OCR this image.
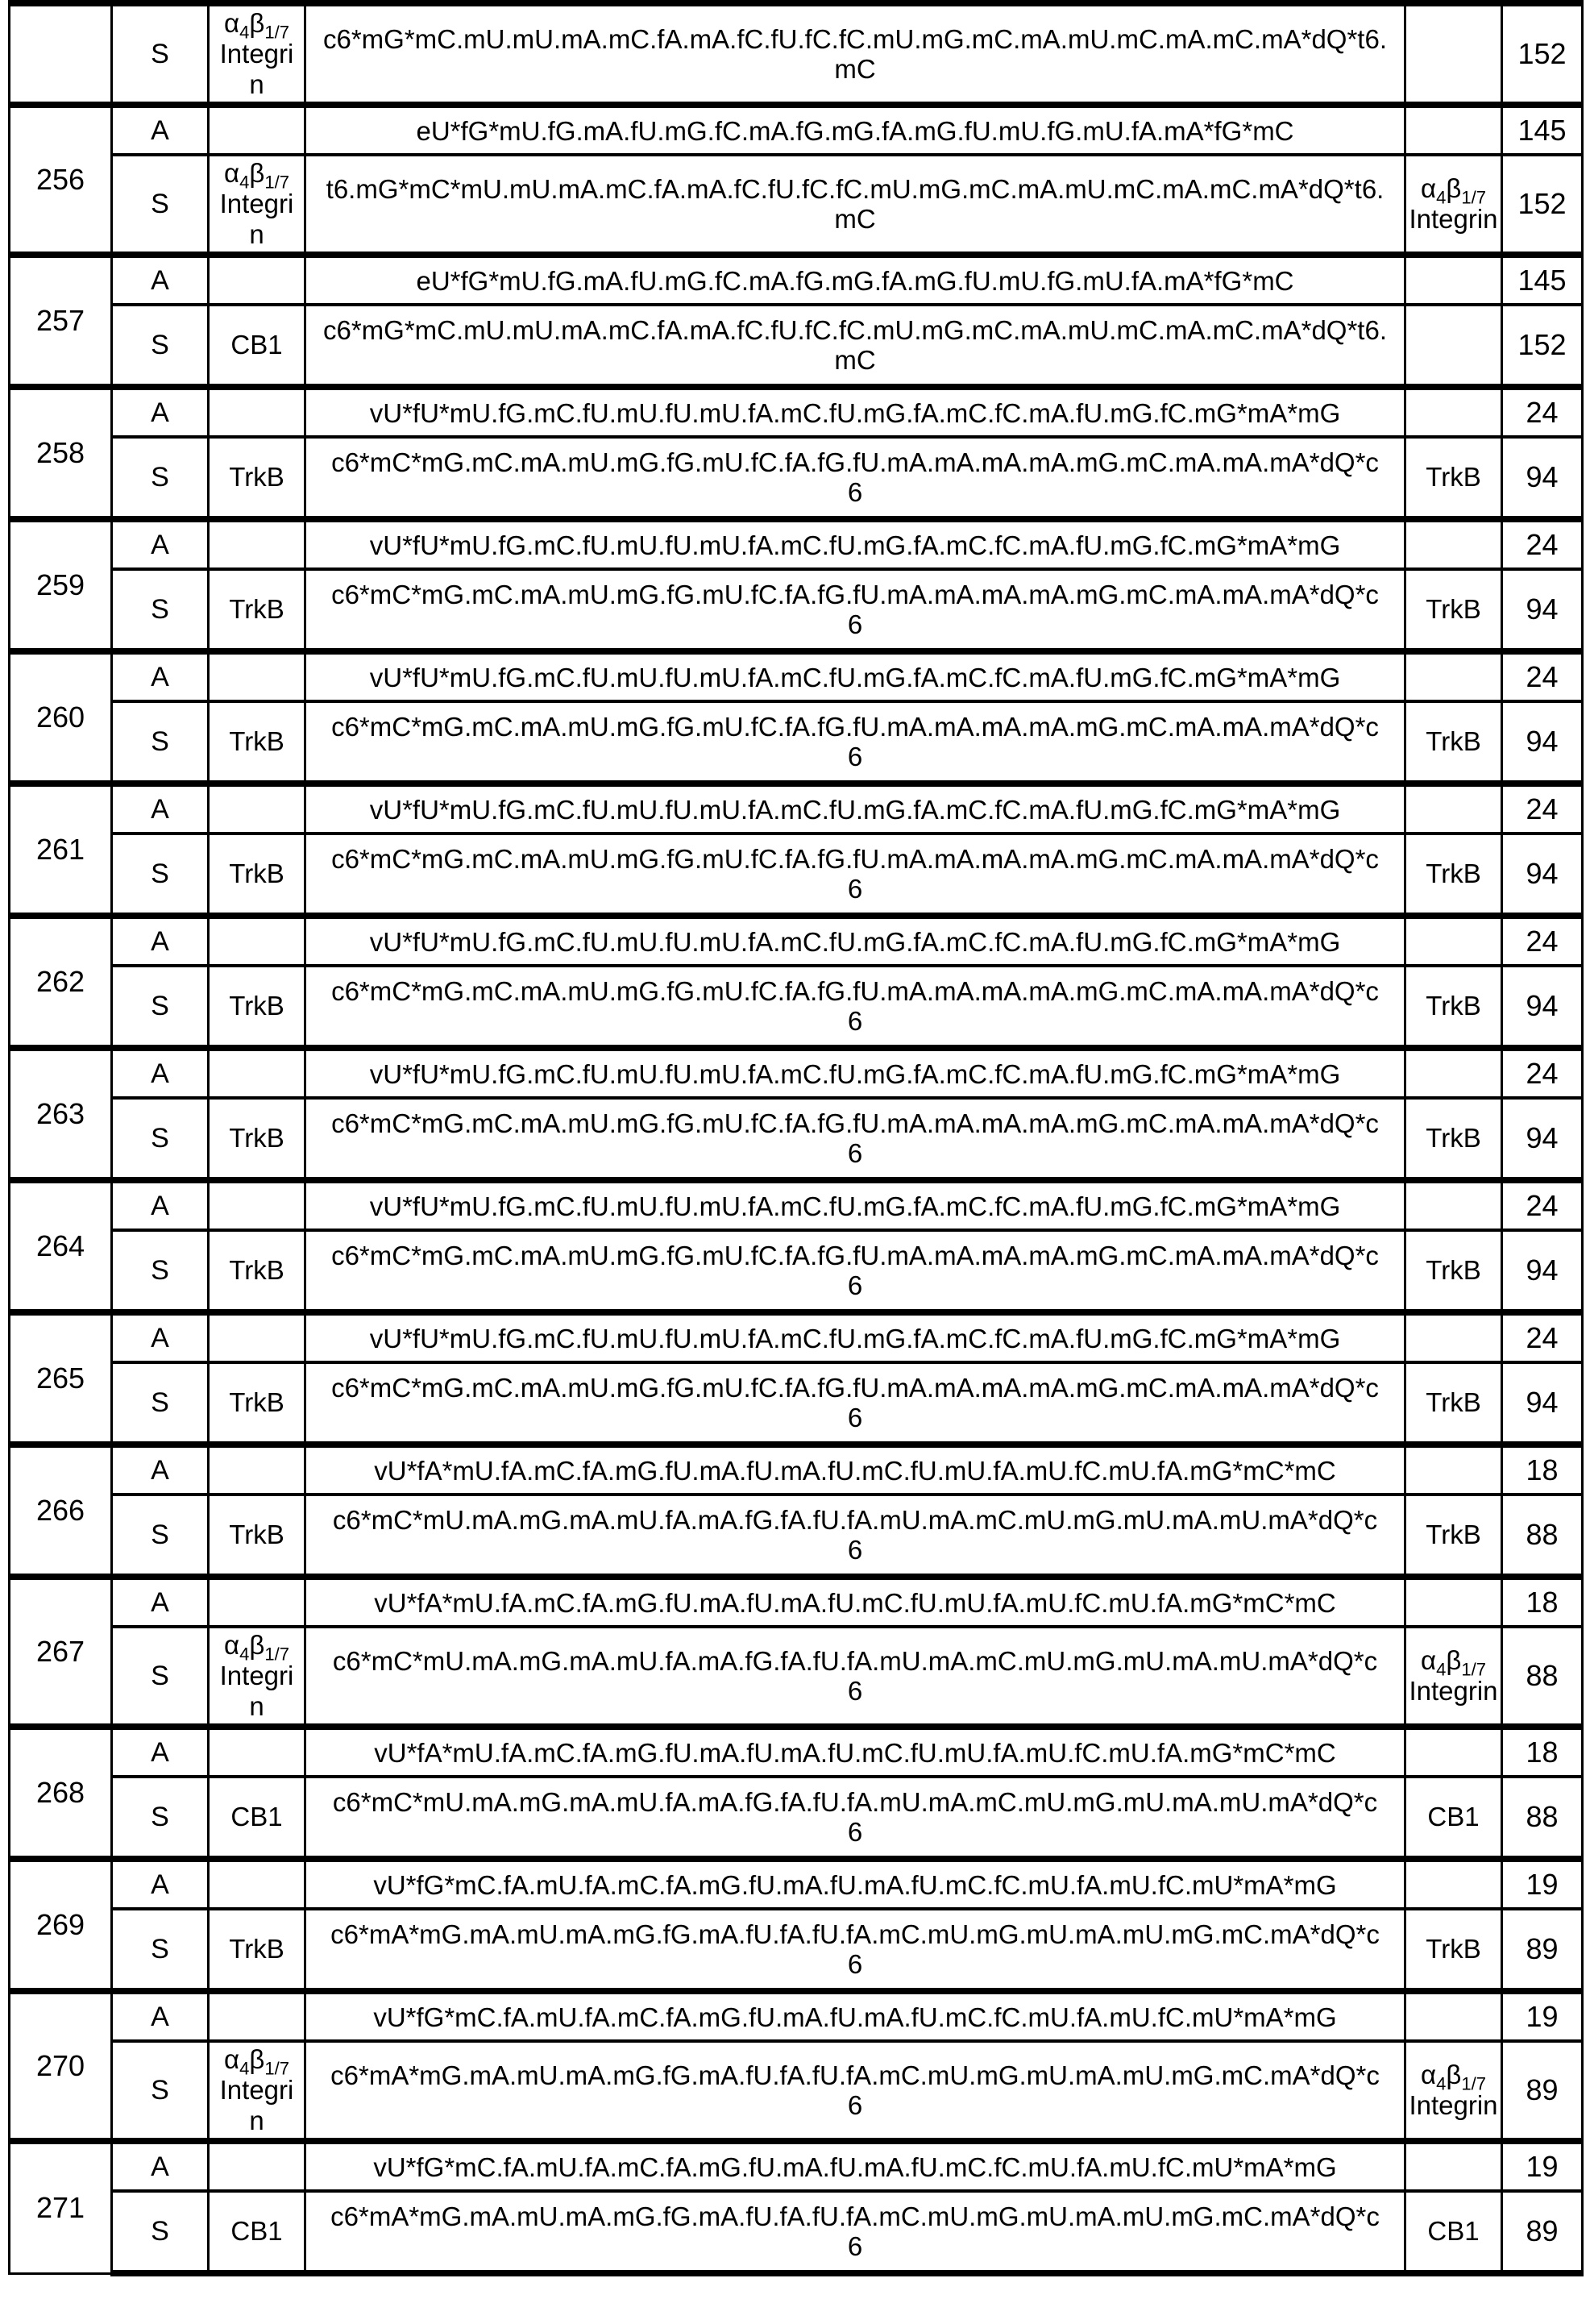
	S	$\alpha_4\beta_{1/7}$
Integri
n	c6*mG*mC.mU.mU.mA.mC.fA.mA.fC.fU.fC.fC.mU.mG.mC.mA.mU.mC.mA.mC.mA*dQ*t6.
mC		152
256	A		eU*fG*mU.fG.mA.fU.mG.fC.mA.fG.mG.fA.mG.fU.mU.fG.mU.fA.mA*fG*mC		145
	S	$\alpha_4\beta_{1/7}$
Integri
n	t6.mG*mC*mU.mU.mA.mC.fA.mA.fC.fU.fC.fC.mU.mG.mC.mA.mU.mC.mA.mC.mA*dQ*t6.
mC	$\alpha_4\beta_{1/7}$
Integrin	152
257	A		eU*fG*mU.fG.mA.fU.mG.fC.mA.fG.mG.fA.mG.fU.mU.fG.mU.fA.mA*fG*mC		145
	S	CB1	c6*mG*mC.mU.mU.mA.mC.fA.mA.fC.fU.fC.fC.mU.mG.mC.mA.mU.mC.mA.mC.mA*dQ*t6.
mC		152
258	A		vU*fU*mU.fG.mC.fU.mU.fU.mU.fA.mC.fU.mG.fA.mC.fC.mA.fU.mG.fC.mG*mA*mG		24
	S	TrkB	c6*mC*mG.mC.mA.mU.mG.fG.mU.fC.fA.fG.fU.mA.mA.mA.mA.mG.mC.mA.mA.mA*dQ*c
6	TrkB	94
259	A		vU*fU*mU.fG.mC.fU.mU.fU.mU.fA.mC.fU.mG.fA.mC.fC.mA.fU.mG.fC.mG*mA*mG		24
	S	TrkB	c6*mC*mG.mC.mA.mU.mG.fG.mU.fC.fA.fG.fU.mA.mA.mA.mA.mG.mC.mA.mA.mA*dQ*c
6	TrkB	94
260	A		vU*fU*mU.fG.mC.fU.mU.fU.mU.fA.mC.fU.mG.fA.mC.fC.mA.fU.mG.fC.mG*mA*mG		24
	S	TrkB	c6*mC*mG.mC.mA.mU.mG.fG.mU.fC.fA.fG.fU.mA.mA.mA.mA.mG.mC.mA.mA.mA*dQ*c
6	TrkB	94
261	A		vU*fU*mU.fG.mC.fU.mU.fU.mU.fA.mC.fU.mG.fA.mC.fC.mA.fU.mG.fC.mG*mA*mG		24
	S	TrkB	c6*mC*mG.mC.mA.mU.mG.fG.mU.fC.fA.fG.fU.mA.mA.mA.mA.mG.mC.mA.mA.mA*dQ*c
6	TrkB	94
262	A		vU*fU*mU.fG.mC.fU.mU.fU.mU.fA.mC.fU.mG.fA.mC.fC.mA.fU.mG.fC.mG*mA*mG		24
	S	TrkB	c6*mC*mG.mC.mA.mU.mG.fG.mU.fC.fA.fG.fU.mA.mA.mA.mA.mG.mC.mA.mA.mA*dQ*c
6	TrkB	94
263	A		vU*fU*mU.fG.mC.fU.mU.fU.mU.fA.mC.fU.mG.fA.mC.fC.mA.fU.mG.fC.mG*mA*mG		24
	S	TrkB	c6*mC*mG.mC.mA.mU.mG.fG.mU.fC.fA.fG.fU.mA.mA.mA.mA.mG.mC.mA.mA.mA*dQ*c
6	TrkB	94
264	A		vU*fU*mU.fG.mC.fU.mU.fU.mU.fA.mC.fU.mG.fA.mC.fC.mA.fU.mG.fC.mG*mA*mG		24
	S	TrkB	c6*mC*mG.mC.mA.mU.mG.fG.mU.fC.fA.fG.fU.mA.mA.mA.mA.mG.mC.mA.mA.mA*dQ*c
6	TrkB	94
265	A		vU*fU*mU.fG.mC.fU.mU.fU.mU.fA.mC.fU.mG.fA.mC.fC.mA.fU.mG.fC.mG*mA*mG		24
	S	TrkB	c6*mC*mG.mC.mA.mU.mG.fG.mU.fC.fA.fG.fU.mA.mA.mA.mA.mG.mC.mA.mA.mA*dQ*c
6	TrkB	94
266	A		vU*fA*mU.fA.mC.fA.mG.fU.mA.fU.mA.fU.mC.fU.mU.fA.mU.fC.mU.fA.mG*mC*mC		18
	S	TrkB	c6*mC*mU.mA.mG.mA.mU.fA.mA.fG.fA.fU.fA.mU.mA.mC.mU.mG.mU.mA.mU.mA*dQ*c
6	TrkB	88
267	A		vU*fA*mU.fA.mC.fA.mG.fU.mA.fU.mA.fU.mC.fU.mU.fA.mU.fC.mU.fA.mG*mC*mC		18
	S	$\alpha_4\beta_{1/7}$
Integri
n	c6*mC*mU.mA.mG.mA.mU.fA.mA.fG.fA.fU.fA.mU.mA.mC.mU.mG.mU.mA.mU.mA*dQ*c
6	$\alpha_4\beta_{1/7}$
Integrin	88
268	A		vU*fA*mU.fA.mC.fA.mG.fU.mA.fU.mA.fU.mC.fU.mU.fA.mU.fC.mU.fA.mG*mC*mC		18
	S	CB1	c6*mC*mU.mA.mG.mA.mU.fA.mA.fG.fA.fU.fA.mU.mA.mC.mU.mG.mU.mA.mU.mA*dQ*c
6	CB1	88
269	A		vU*fG*mC.fA.mU.fA.mC.fA.mG.fU.mA.fU.mA.fU.mC.fC.mU.fA.mU.fC.mU*mA*mG		19
	S	TrkB	c6*mA*mG.mA.mU.mA.mG.fG.mA.fU.fA.fU.fA.mC.mU.mG.mU.mA.mU.mG.mC.mA*dQ*c
6	TrkB	89
270	A		vU*fG*mC.fA.mU.fA.mC.fA.mG.fU.mA.fU.mA.fU.mC.fC.mU.fA.mU.fC.mU*mA*mG		19
	S	$\alpha_4\beta_{1/7}$
Integri
n	c6*mA*mG.mA.mU.mA.mG.fG.mA.fU.fA.fU.fA.mC.mU.mG.mU.mA.mU.mG.mC.mA*dQ*c
6	$\alpha_4\beta_{1/7}$
Integrin	89
271	A		vU*fG*mC.fA.mU.fA.mC.fA.mG.fU.mA.fU.mA.fU.mC.fC.mU.fA.mU.fC.mU*mA*mG		19
	S	CB1	c6*mA*mG.mA.mU.mA.mG.fG.mA.fU.fA.fU.fA.mC.mU.mG.mU.mA.mU.mG.mC.mA*dQ*c
6	CB1	89
